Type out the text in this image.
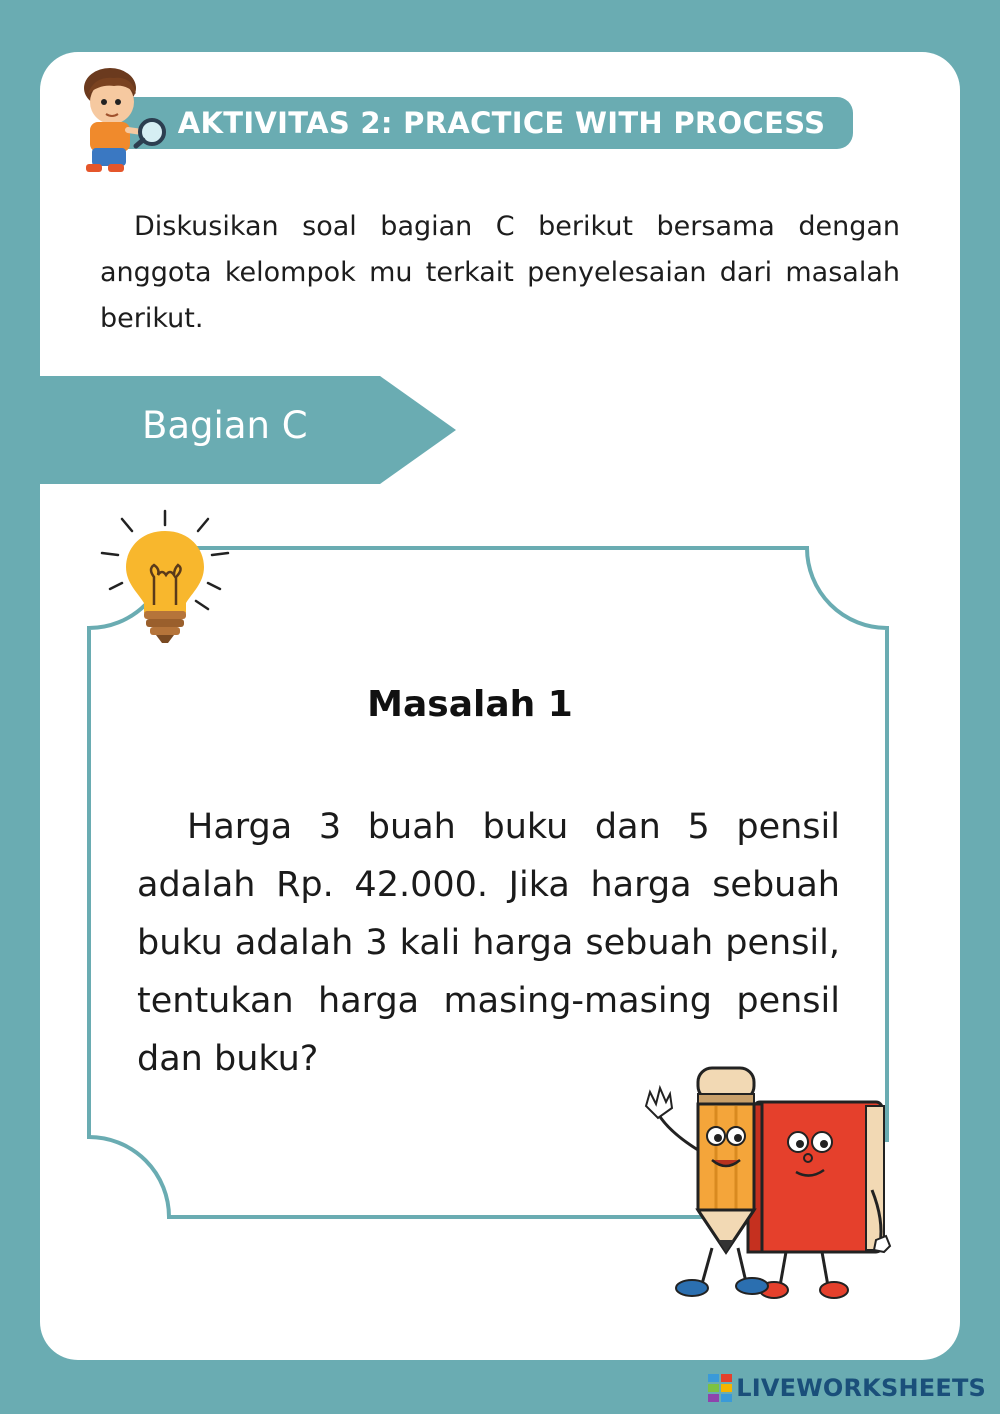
AKTIVITAS 2: PRACTICE WITH PROCESS
Diskusikan soal bagian C berikut bersama dengan anggota kelompok mu terkait penyelesaian dari masalah berikut.
Bagian C
Masalah 1
Harga 3 buah buku dan 5 pensil adalah Rp. 42.000. Jika harga sebuah buku adalah 3 kali harga sebuah pensil, tentukan harga masing-masing pensil dan buku?
LIVEWORKSHEETS
